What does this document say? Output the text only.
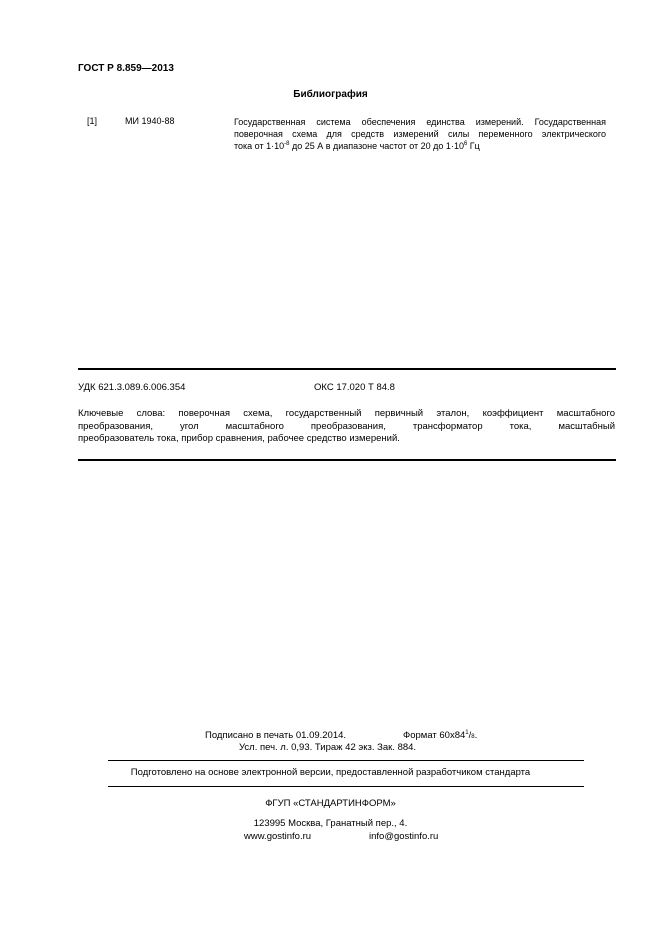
ГОСТ Р 8.859—2013
Библиография
[1]	МИ 1940-88	Государственная система обеспечения единства измерений. Государственная
поверочная схема для средств измерений силы переменного электрического
тока от $1\cdot 10^{-8}$ до 25 А в диапазоне частот от 20 до $1\cdot 10^6$ Гц
УДК 621.3.089.6.006.354	ОКС 17.020 Т 84.8
Ключевые слова: поверочная схема, государственный первичный эталон, коэффициент масштабного
преобразования, угол масштабного преобразования, трансформатор тока, масштабный
преобразователь тока, прибор сравнения, рабочее средство измерений.
Подписано в печать 01.09.2014.	Формат $60х84^1/8$.
Усл. печ. л. 0,93. Тираж 42 экз. Зак. 884.
Подготовлено на основе электронной версии, предоставленной разработчиком стандарта
ФГУП «СТАНДАРТИНФОРМ»
123995 Москва, Гранатный пер., 4.
www.gostinfo.ru	info@gostinfo.ru
